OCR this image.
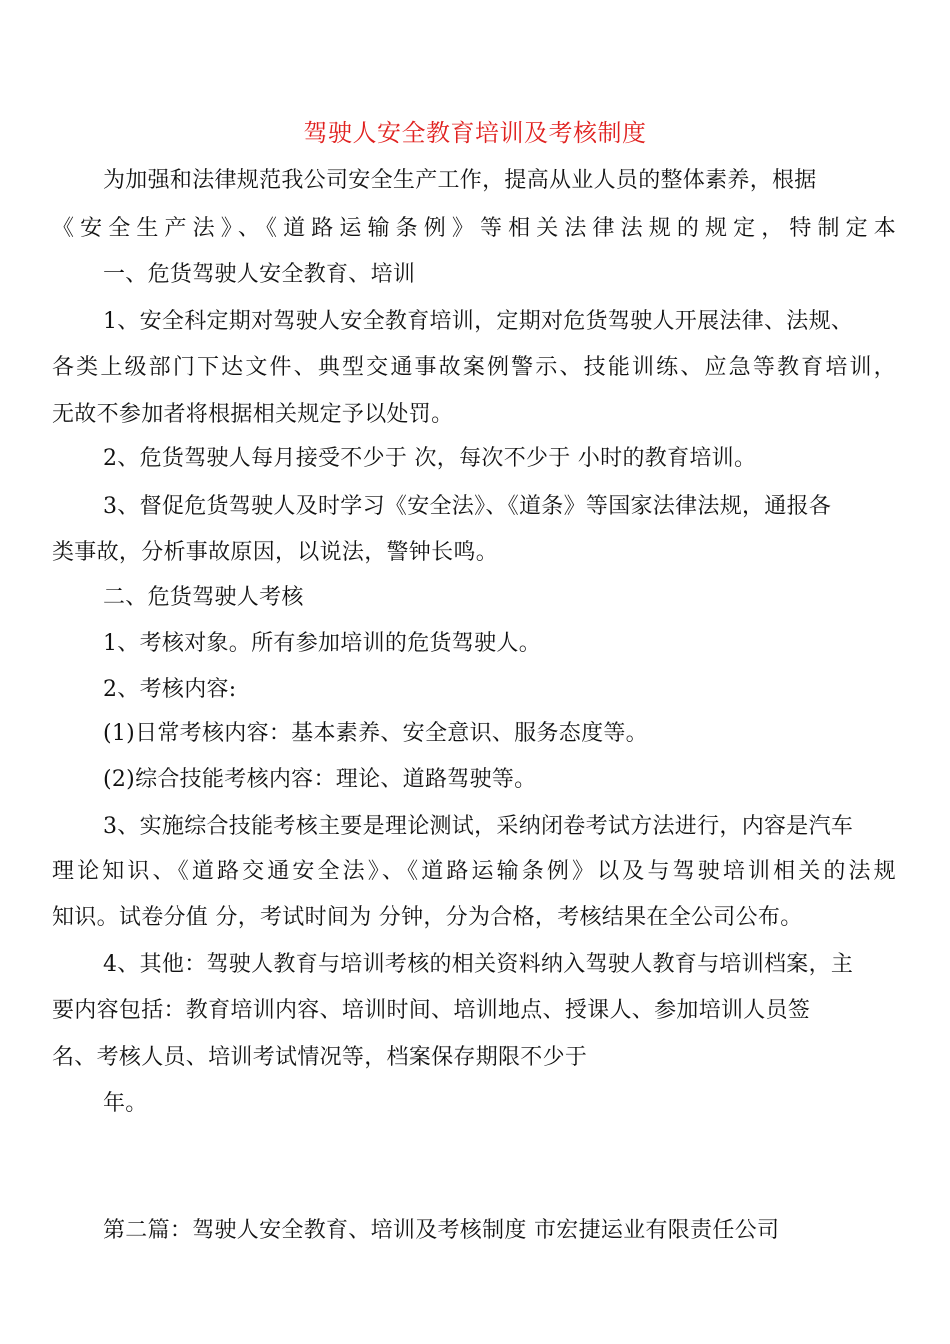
驾驶人安全教育培训及考核制度
为加强和法律规范我公司安全生产工作，提高从业人员的整体素养，根据
《安全生产法》、《道路运输条例》等相关法律法规的规定，特制定本
一、危货驾驶人安全教育、培训
1、安全科定期对驾驶人安全教育培训，定期对危货驾驶人开展法律、法规、
各类上级部门下达文件、典型交通事故案例警示、技能训练、应急等教育培训，
无故不参加者将根据相关规定予以处罚。
2、危货驾驶人每月接受不少于 次，每次不少于 小时的教育培训。
3、督促危货驾驶人及时学习《安全法》、《道条》等国家法律法规，通报各
类事故，分析事故原因，以说法，警钟长鸣。
二、危货驾驶人考核
1、考核对象。所有参加培训的危货驾驶人。
2、考核内容:
(1)日常考核内容：基本素养、安全意识、服务态度等。
(2)综合技能考核内容：理论、道路驾驶等。
3、实施综合技能考核主要是理论测试，采纳闭卷考试方法进行，内容是汽车
理论知识、《道路交通安全法》、《道路运输条例》以及与驾驶培训相关的法规
知识。试卷分值 分，考试时间为 分钟，分为合格，考核结果在全公司公布。
4、其他：驾驶人教育与培训考核的相关资料纳入驾驶人教育与培训档案，主
要内容包括：教育培训内容、培训时间、培训地点、授课人、参加培训人员签
名、考核人员、培训考试情况等，档案保存期限不少于
年。
第二篇：驾驶人安全教育、培训及考核制度 市宏捷运业有限责任公司
